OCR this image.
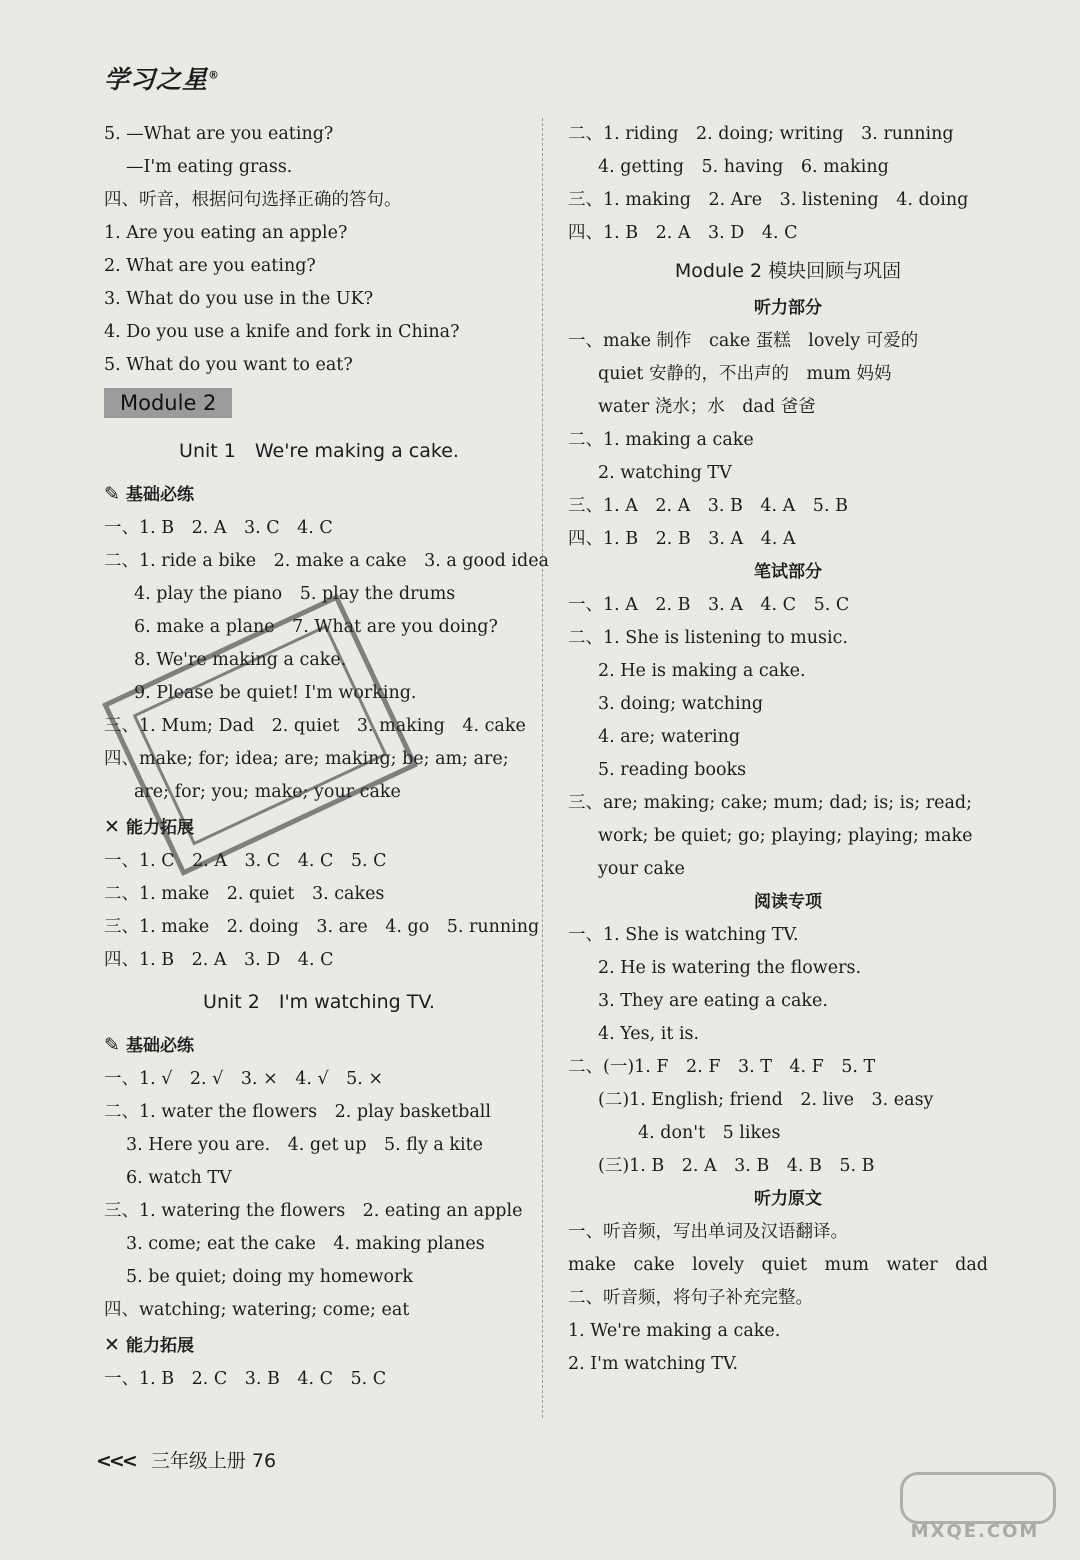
学习之星®
5. —What are you eating?
—I'm eating grass.
四、听音，根据问句选择正确的答句。
1. Are you eating an apple?
2. What are you eating?
3. What do you use in the UK?
4. Do you use a knife and fork in China?
5. What do you want to eat?
Module 2
Unit 1　We're making a cake.
✎ 基础必练
一、1. B　2. A　3. C　4. C
二、1. ride a bike　2. make a cake　3. a good idea
4. play the piano　5. play the drums
6. make a plane　7. What are you doing?
8. We're making a cake.
9. Please be quiet! I'm working.
三、1. Mum; Dad　2. quiet　3. making　4. cake
四、make; for; idea; are; making; be; am; are;
are; for; you; make; your cake
✕ 能力拓展
一、1. C　2. A　3. C　4. C　5. C
二、1. make　2. quiet　3. cakes
三、1. make　2. doing　3. are　4. go　5. running
四、1. B　2. A　3. D　4. C
Unit 2　I'm watching TV.
✎ 基础必练
一、1. √　2. √　3. ×　4. √　5. ×
二、1. water the flowers　2. play basketball
3. Here you are.　4. get up　5. fly a kite
6. watch TV
三、1. watering the flowers　2. eating an apple
3. come; eat the cake　4. making planes
5. be quiet; doing my homework
四、watching; watering; come; eat
✕ 能力拓展
一、1. B　2. C　3. B　4. C　5. C
二、1. riding　2. doing; writing　3. running
4. getting　5. having　6. making
三、1. making　2. Are　3. listening　4. doing
四、1. B　2. A　3. D　4. C
Module 2 模块回顾与巩固
听力部分
一、make 制作　cake 蛋糕　lovely 可爱的
quiet 安静的，不出声的　mum 妈妈
water 浇水；水　dad 爸爸
二、1. making a cake
2. watching TV
三、1. A　2. A　3. B　4. A　5. B
四、1. B　2. B　3. A　4. A
笔试部分
一、1. A　2. B　3. A　4. C　5. C
二、1. She is listening to music.
2. He is making a cake.
3. doing; watching
4. are; watering
5. reading books
三、are; making; cake; mum; dad; is; is; read;
work; be quiet; go; playing; playing; make
your cake
阅读专项
一、1. She is watching TV.
2. He is watering the flowers.
3. They are eating a cake.
4. Yes, it is.
二、(一)1. F　2. F　3. T　4. F　5. T
(二)1. English; friend　2. live　3. easy
4. don't　5 likes
(三)1. B　2. A　3. B　4. B　5. B
听力原文
一、听音频，写出单词及汉语翻译。
make　cake　lovely　quiet　mum　water　dad
二、听音频，将句子补充完整。
1. We're making a cake.
2. I'm watching TV.
<<< 三年级上册 76
MXQE.COM
